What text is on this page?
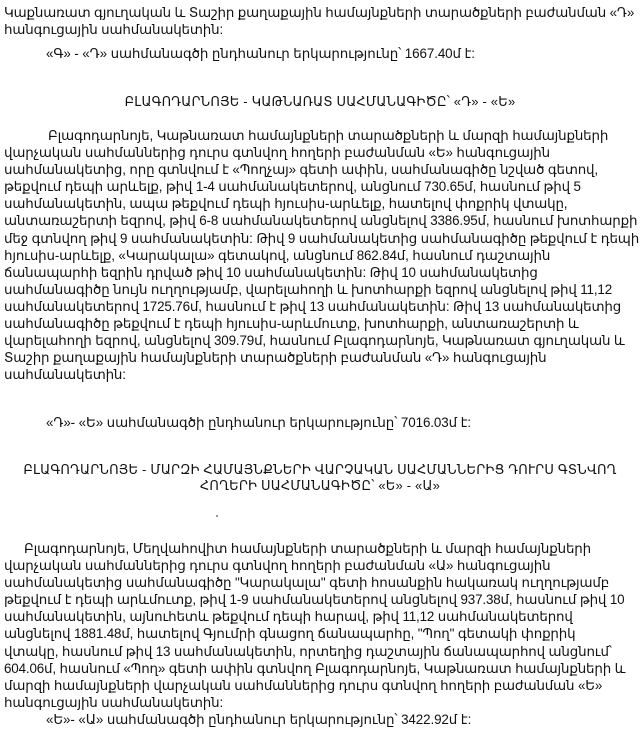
Կաքնառատ գյուղական և Տաշիր քաղաքային համայնքների տարածքների բաժանման «Դ»
հանգուցային սահմանակետին:
«Գ» - «Դ» սահմանագծի ընդհանուր երկարությունը՝ 1667.40մ է:
ԲԼԱԳՈԴԱՐՆՈՅԵ - ԿԱԹՆԱՌԱՏ ՍԱՀՄԱՆԱԳԻԾԸ՝ «Դ» - «Ե»
Բլագոդարնոյե, Կաթնառատ համայնքների տարածքների և մարզի համայնքների
վարչական սահմաններից դուրս գտնվող հողերի բաժանման «Ե» հանգուցային
սահմանակետից, որը գտնվում է «Պողչայ» գետի ափին, սահմանագիծը նշված գետով,
թեքվում դեպի արևելք, թիվ 1-4 սահմանակետերով, անցնում 730.65մ, հասնում թիվ 5
սահմանակետին, ապա թեքվում դեպի հյուսիս-արևելք, հատելով փոքրիկ վտակը,
անտառաշերտի եզրով, թիվ 6-8 սահմանակետերով անցնելով 3386.95մ, հասնում խոտհարքի
մեջ գտնվող թիվ 9 սահմանակետին: Թիվ 9 սահմանակետից սահմանագիծը թեքվում է դեպի
հյուսիս-արևելք, «Կարակալա» գետակով, անցնում 862.84մ, հասնում դաշտային
ճանապարհի եզրին դրված թիվ 10 սահմանակետին: Թիվ 10 սահմանակետից
սահմանագիծը նույն ուղղությամբ, վարելահողի և խոտհարքի եզրով անցնելով թիվ 11,12
սահմանակետերով 1725.76մ, հասնում է թիվ 13 սահմանակետին: Թիվ 13 սահմանակետից
սահմանագիծը թեքվում է դեպի հյուսիս-արևմուտք, խոտհարքի, անտառաշերտի և
վարելահողի եզրով, անցնելով 309.79մ, հասնում Բլագոդարնոյե, Կաթնառատ գյուղական և
Տաշիր քաղաքային համայնքների տարածքների բաժանման «Դ» հանգուցային
սահմանակետին:
«Դ»- «Ե» սահմանագծի ընդհանուր երկարությունը՝ 7016.03մ է:
ԲԼԱԳՈԴԱՐՆՈՅԵ - ՄԱՐԶԻ ՀԱՄԱՅՆՔՆԵՐԻ ՎԱՐՉԱԿԱՆ ՍԱՀՄԱՆՆԵՐԻՑ ԴՈՒՐՍ ԳՏՆՎՈՂ
ՀՈՂԵՐԻ ՍԱՀՄԱՆԱԳԻԾԸ՝ «Ե» - «Ա»
Բլագոդարնոյե, Մեղվահովիտ համայնքների տարածքների և մարզի համայնքների
վարչական սահմաններից դուրս գտնվող հողերի բաժանման «Ա» հանգուցային
սահմանակետից սահմանագիծը "Կարակալա" գետի հոսանքին հակառակ ուղղությամբ
թեքվում է դեպի արևմուտք, թիվ 1-9 սահմանակետերով անցնելով 937.38մ, հասնում թիվ 10
սահմանակետին, այնուհետև թեքվում դեպի հարավ, թիվ 11,12 սահմանակետերով
անցնելով 1881.48մ, հատելով Գյումրի գնացող ճանապարհը, "Պող" գետակի փոքրիկ
վտակը, հասնում թիվ 13 սահմանակետին, որտեղից դաշտային ճանապարհով անցնում՝
604.06մ, հասնում «Պող» գետի ափին գտնվող Բլագոդարնոյե, Կաթնառատ համայնքների և
մարզի համայնքների վարչական սահմաններից դուրս գտնվող հողերի բաժանման «Ե»
հանգուցային սահմանակետին:
«Ե»- «Ա» սահմանագծի ընդհանուր երկարությունը՝ 3422.92մ է:
